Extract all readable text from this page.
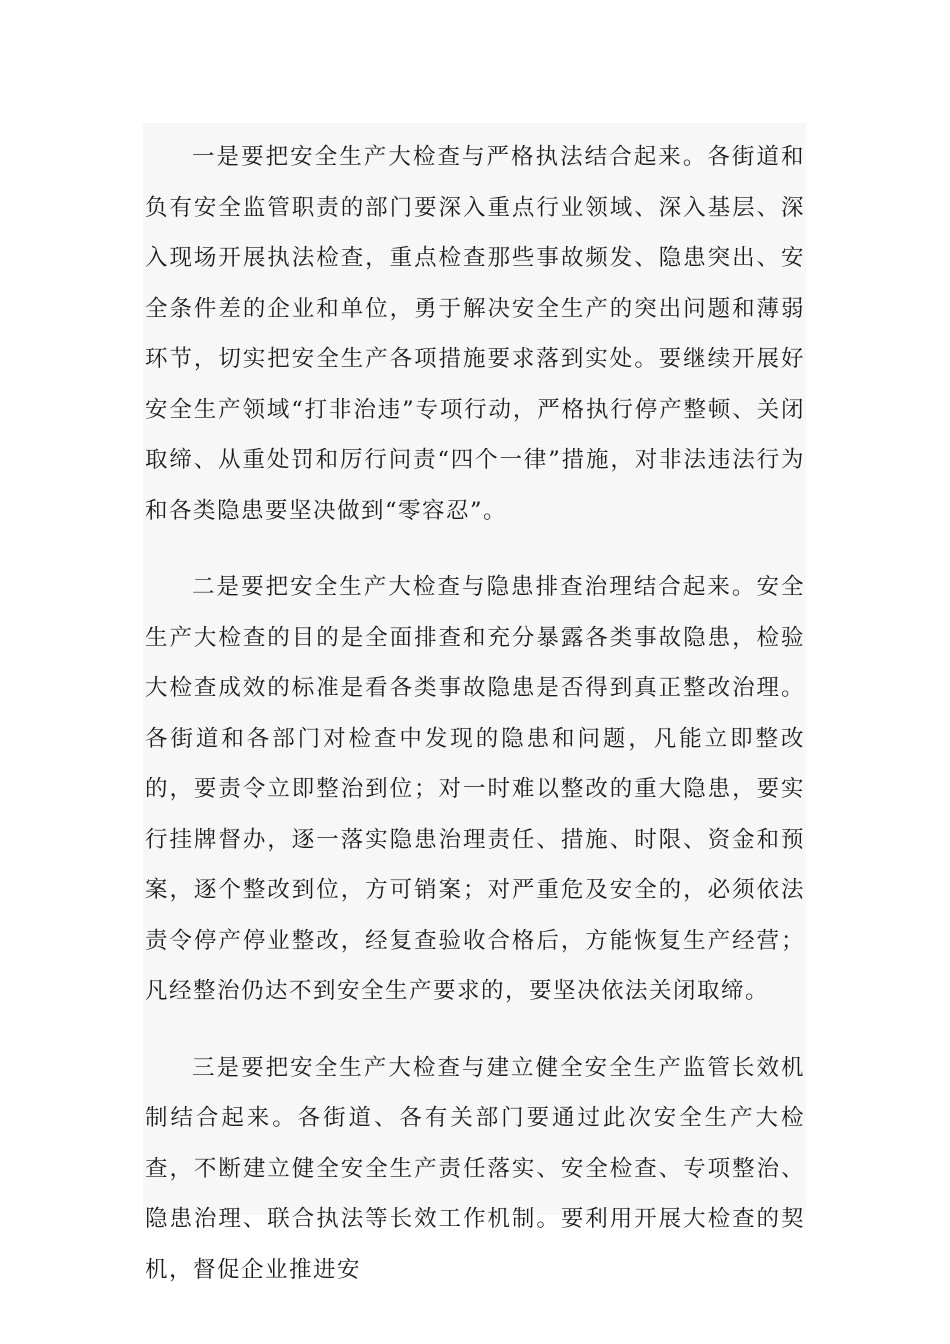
一是要把安全生产大检查与严格执法结合起来。各街道和负有安全监管职责的部门要深入重点行业领域、深入基层、深入现场开展执法检查，重点检查那些事故频发、隐患突出、安全条件差的企业和单位，勇于解决安全生产的突出问题和薄弱环节，切实把安全生产各项措施要求落到实处。要继续开展好安全生产领域“打非治违”专项行动，严格执行停产整顿、关闭取缔、从重处罚和厉行问责“四个一律”措施，对非法违法行为和各类隐患要坚决做到“零容忍”。

二是要把安全生产大检查与隐患排查治理结合起来。安全生产大检查的目的是全面排查和充分暴露各类事故隐患，检验大检查成效的标准是看各类事故隐患是否得到真正整改治理。各街道和各部门对检查中发现的隐患和问题，凡能立即整改的，要责令立即整治到位；对一时难以整改的重大隐患，要实行挂牌督办，逐一落实隐患治理责任、措施、时限、资金和预案，逐个整改到位，方可销案；对严重危及安全的，必须依法责令停产停业整改，经复查验收合格后，方能恢复生产经营；凡经整治仍达不到安全生产要求的，要坚决依法关闭取缔。

三是要把安全生产大检查与建立健全安全生产监管长效机制结合起来。各街道、各有关部门要通过此次安全生产大检查，不断建立健全安全生产责任落实、安全检查、专项整治、隐患治理、联合执法等长效工作机制。要利用开展大检查的契机，督促企业推进安
